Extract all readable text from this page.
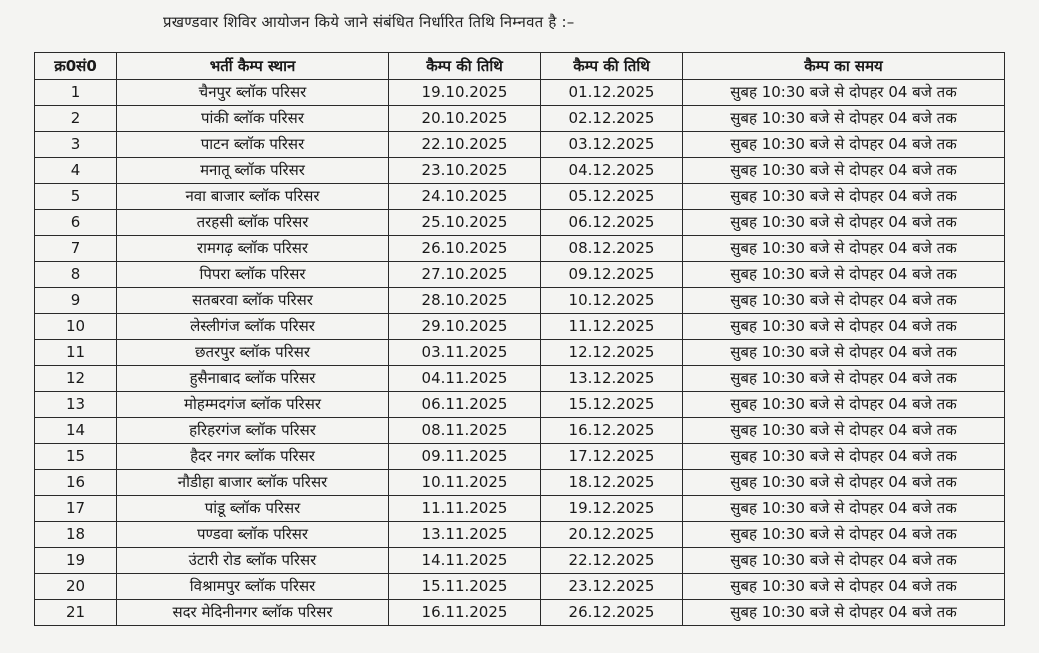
प्रखण्डवार शिविर आयोजन किये जाने संबंधित निर्धारित तिथि निम्नवत है :–
क्र0सं0	भर्ती कैम्प स्थान	कैम्प की तिथि	कैम्प की तिथि	कैम्प का समय
1	चैनपुर ब्लॉक परिसर	19.10.2025	01.12.2025	सुबह 10:30 बजे से दोपहर 04 बजे तक
2	पांकी ब्लॉक परिसर	20.10.2025	02.12.2025	सुबह 10:30 बजे से दोपहर 04 बजे तक
3	पाटन ब्लॉक परिसर	22.10.2025	03.12.2025	सुबह 10:30 बजे से दोपहर 04 बजे तक
4	मनातू ब्लॉक परिसर	23.10.2025	04.12.2025	सुबह 10:30 बजे से दोपहर 04 बजे तक
5	नवा बाजार ब्लॉक परिसर	24.10.2025	05.12.2025	सुबह 10:30 बजे से दोपहर 04 बजे तक
6	तरहसी ब्लॉक परिसर	25.10.2025	06.12.2025	सुबह 10:30 बजे से दोपहर 04 बजे तक
7	रामगढ़ ब्लॉक परिसर	26.10.2025	08.12.2025	सुबह 10:30 बजे से दोपहर 04 बजे तक
8	पिपरा ब्लॉक परिसर	27.10.2025	09.12.2025	सुबह 10:30 बजे से दोपहर 04 बजे तक
9	सतबरवा ब्लॉक परिसर	28.10.2025	10.12.2025	सुबह 10:30 बजे से दोपहर 04 बजे तक
10	लेस्लीगंज ब्लॉक परिसर	29.10.2025	11.12.2025	सुबह 10:30 बजे से दोपहर 04 बजे तक
11	छतरपुर ब्लॉक परिसर	03.11.2025	12.12.2025	सुबह 10:30 बजे से दोपहर 04 बजे तक
12	हुसैनाबाद ब्लॉक परिसर	04.11.2025	13.12.2025	सुबह 10:30 बजे से दोपहर 04 बजे तक
13	मोहम्मदगंज ब्लॉक परिसर	06.11.2025	15.12.2025	सुबह 10:30 बजे से दोपहर 04 बजे तक
14	हरिहरगंज ब्लॉक परिसर	08.11.2025	16.12.2025	सुबह 10:30 बजे से दोपहर 04 बजे तक
15	हैदर नगर ब्लॉक परिसर	09.11.2025	17.12.2025	सुबह 10:30 बजे से दोपहर 04 बजे तक
16	नौडीहा बाजार ब्लॉक परिसर	10.11.2025	18.12.2025	सुबह 10:30 बजे से दोपहर 04 बजे तक
17	पांडू ब्लॉक परिसर	11.11.2025	19.12.2025	सुबह 10:30 बजे से दोपहर 04 बजे तक
18	पण्डवा ब्लॉक परिसर	13.11.2025	20.12.2025	सुबह 10:30 बजे से दोपहर 04 बजे तक
19	उंटारी रोड ब्लॉक परिसर	14.11.2025	22.12.2025	सुबह 10:30 बजे से दोपहर 04 बजे तक
20	विश्रामपुर ब्लॉक परिसर	15.11.2025	23.12.2025	सुबह 10:30 बजे से दोपहर 04 बजे तक
21	सदर मेदिनीनगर ब्लॉक परिसर	16.11.2025	26.12.2025	सुबह 10:30 बजे से दोपहर 04 बजे तक
